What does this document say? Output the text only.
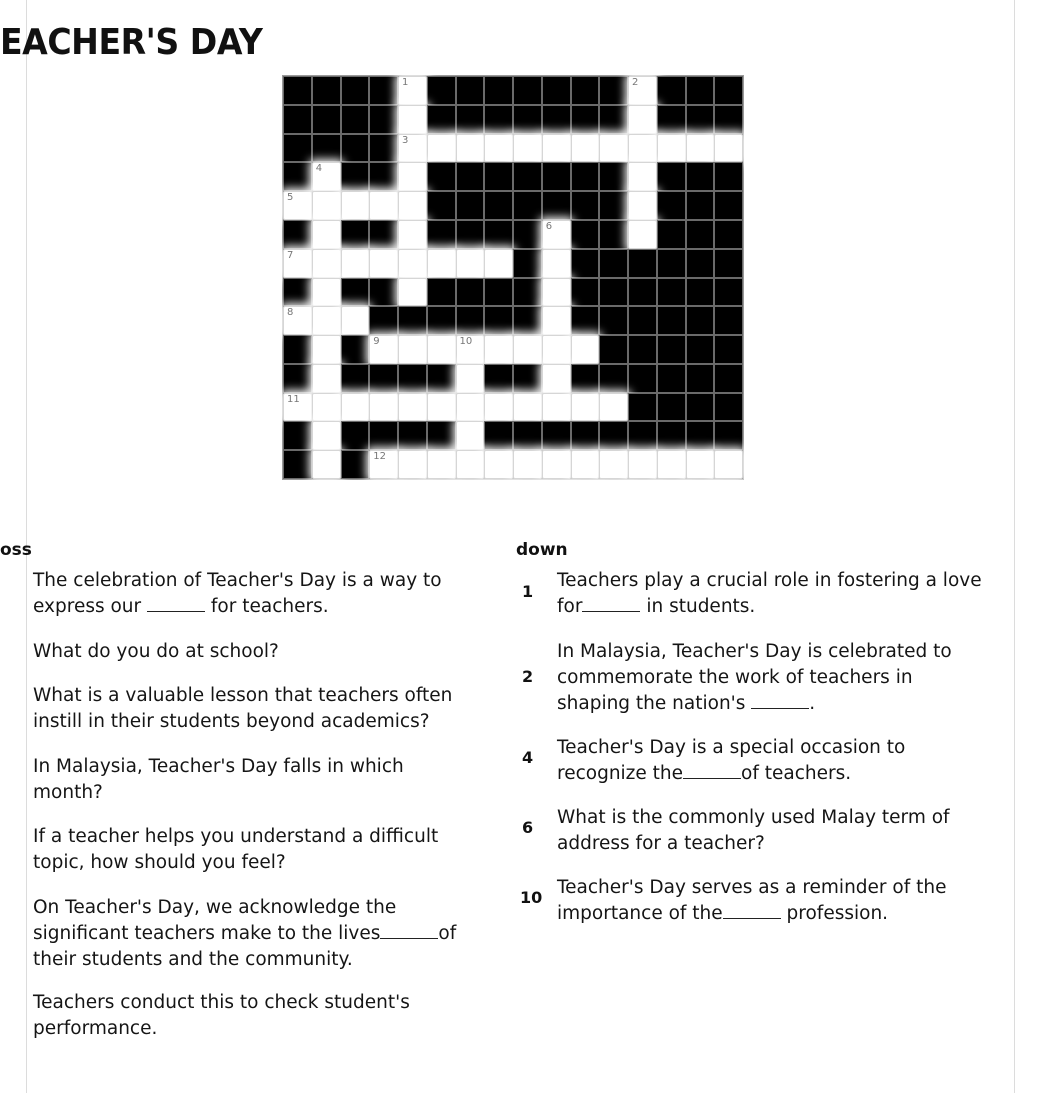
EACHER'S DAY
1	2
3
4
5
6
7
8
9	10
11
12
oss

The celebration of Teacher's Day is a way to

express our	for teachers.

What do you do at school?

What is a valuable lesson that teachers often

instill in their students beyond academics?

In Malaysia, Teacher's Day falls in which

month?

If a teacher helps you understand a difficult

topic, how should you feel?

On Teacher's Day, we acknowledge the

significant teachers make to the lives	of

their students and the community.

Teachers conduct this to check student's

performance.

down
1

Teachers play a crucial role in fostering a love

for	in students.

2

In Malaysia, Teacher's Day is celebrated to

commemorate the work of teachers in

shaping the nation's	.

4 Teacher's Day is a special occasion to

recognize the	of teachers.

6 What is the commonly used Malay term of

address for a teacher?

10 Teacher's Day serves as a reminder of the

importance of the	profession.
